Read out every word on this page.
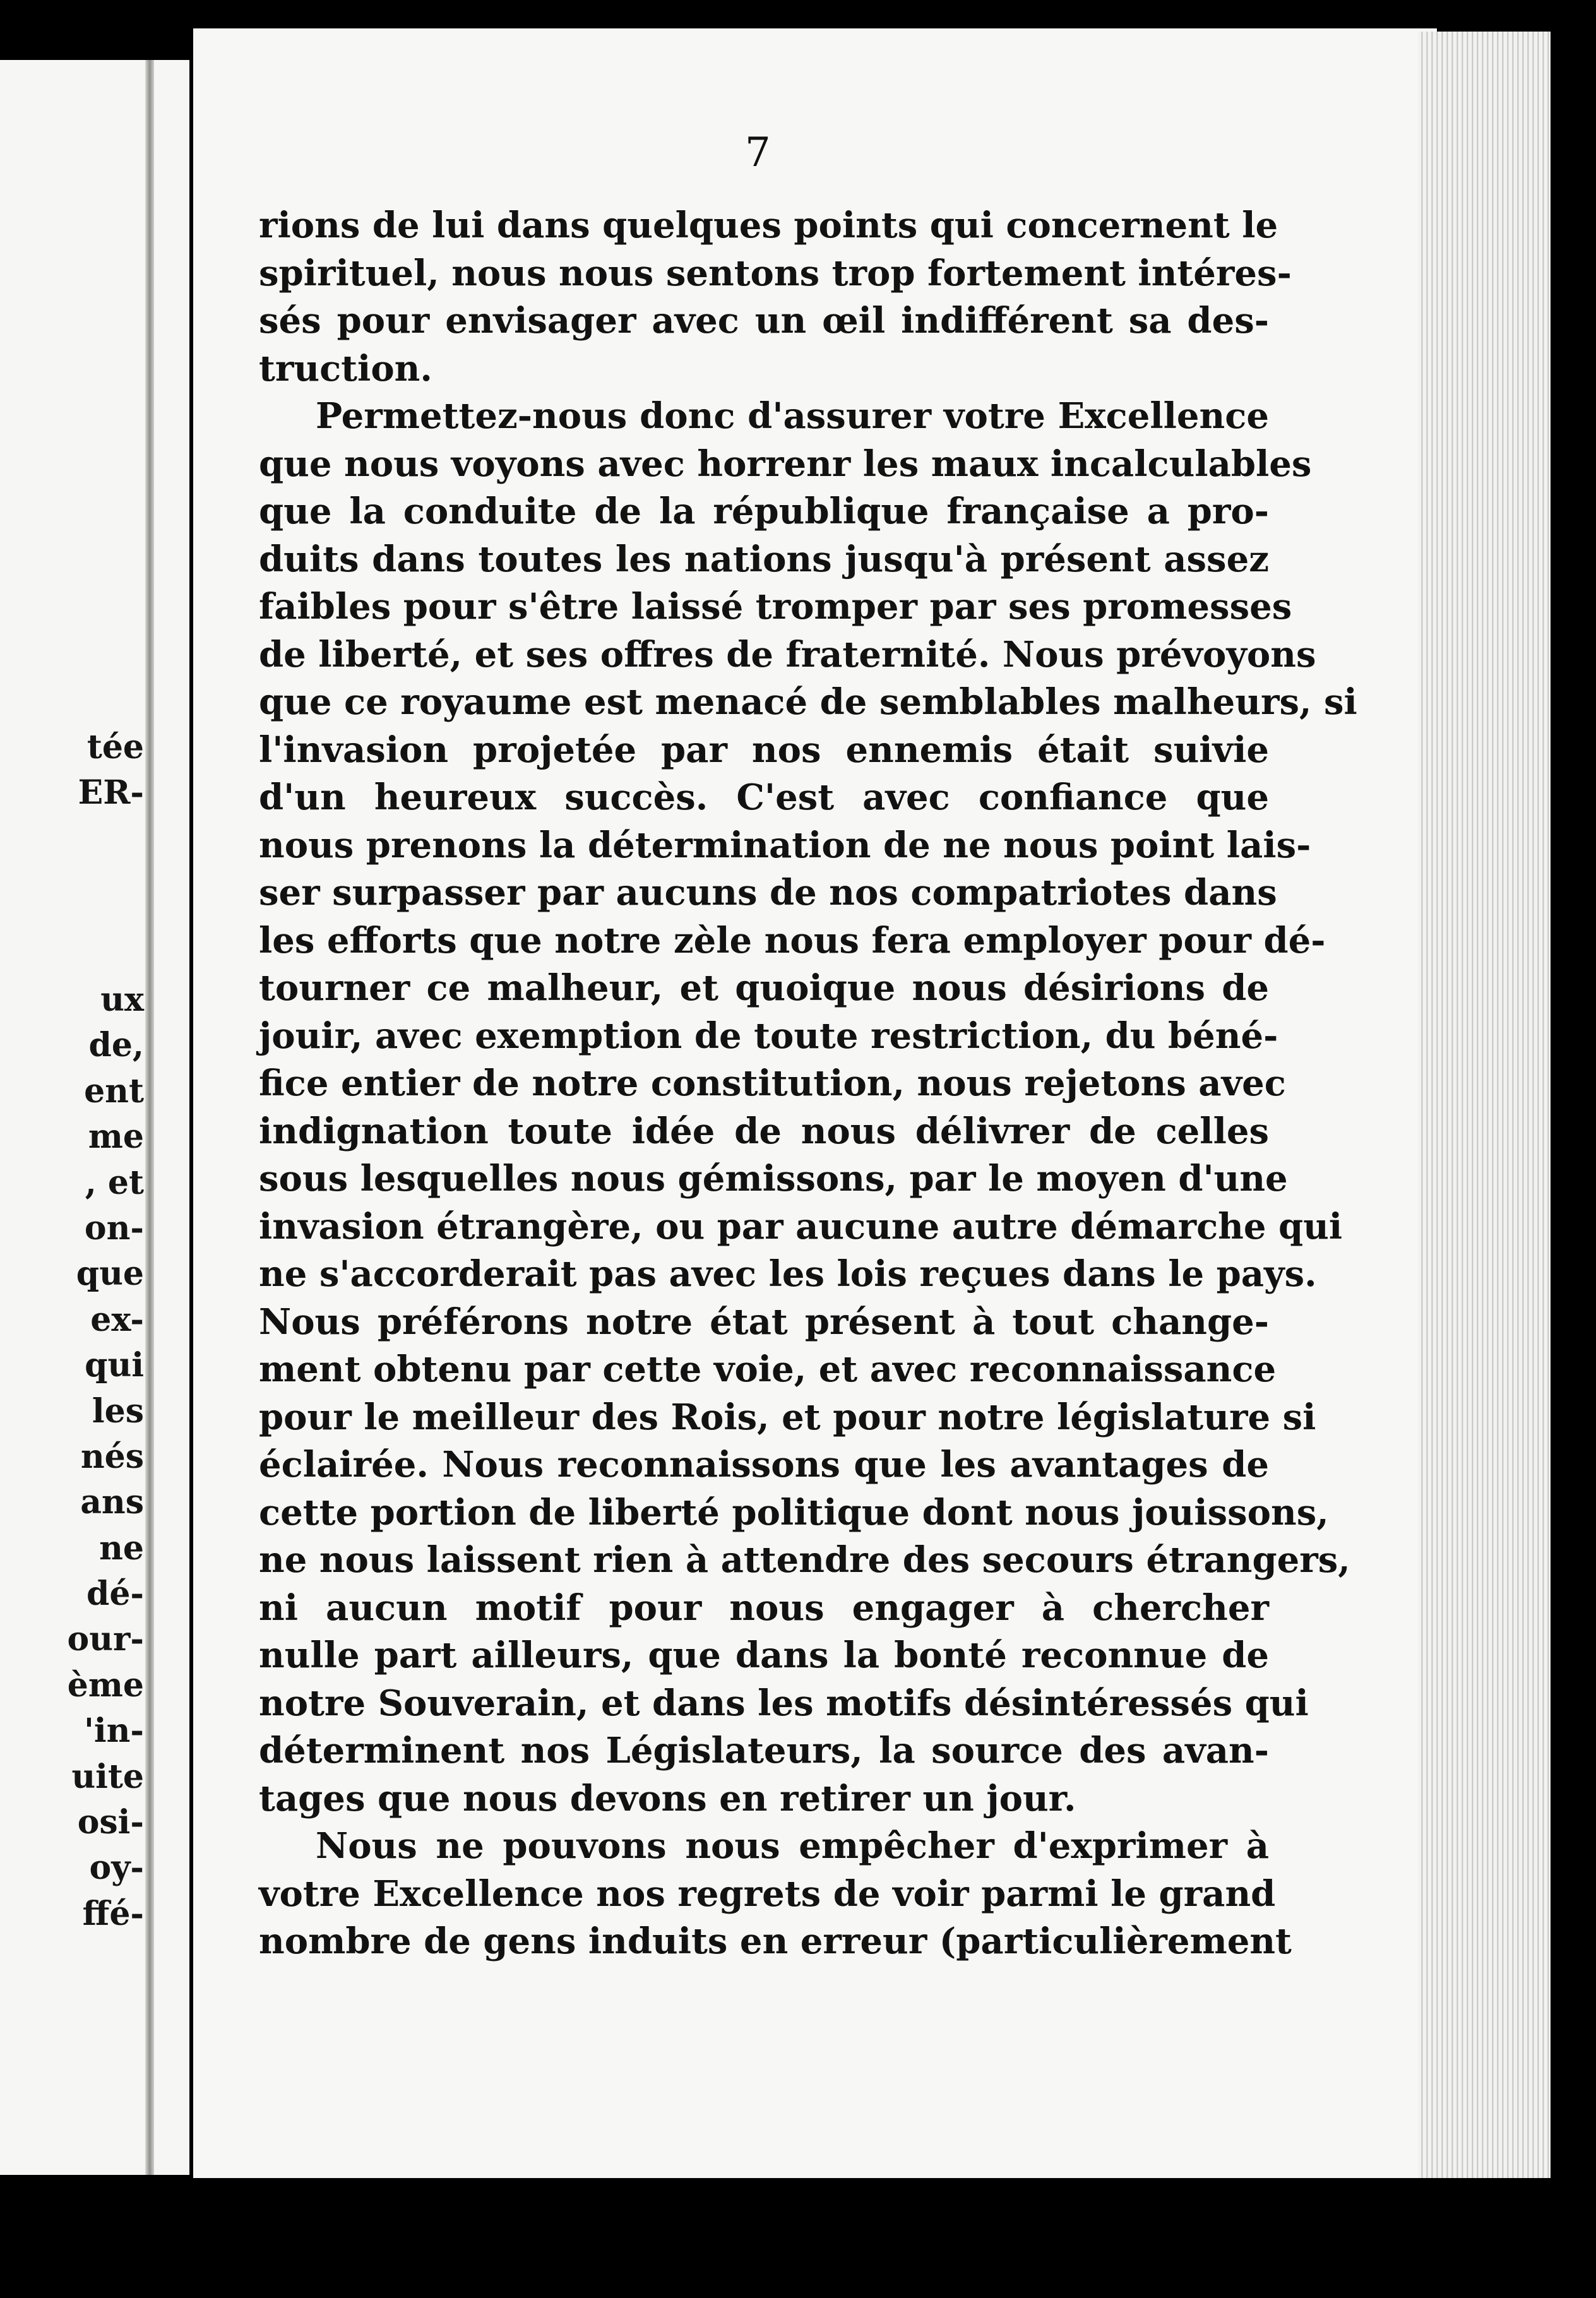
tée
ER-
ux
de,
ent
me
, et
on-
que
ex-
qui
les
nés
ans
ne
dé-
our-
ème
'in-
uite
osi-
oy-
ffé-
7
rions de lui dans quelques points qui concernent le
spirituel, nous nous sentons trop fortement intéres-
sés pour envisager avec un œil indifférent sa des-
truction.
Permettez-nous donc d'assurer votre Excellence
que nous voyons avec horrenr les maux incalculables
que la conduite de la république française a pro-
duits dans toutes les nations jusqu'à présent assez
faibles pour s'être laissé tromper par ses promesses
de liberté, et ses offres de fraternité. Nous prévoyons
que ce royaume est menacé de semblables malheurs, si
l'invasion projetée par nos ennemis était suivie
d'un heureux succès. C'est avec confiance que
nous prenons la détermination de ne nous point lais-
ser surpasser par aucuns de nos compatriotes dans
les efforts que notre zèle nous fera employer pour dé-
tourner ce malheur, et quoique nous désirions de
jouir, avec exemption de toute restriction, du béné-
fice entier de notre constitution, nous rejetons avec
indignation toute idée de nous délivrer de celles
sous lesquelles nous gémissons, par le moyen d'une
invasion étrangère, ou par aucune autre démarche qui
ne s'accorderait pas avec les lois reçues dans le pays.
Nous préférons notre état présent à tout change-
ment obtenu par cette voie, et avec reconnaissance
pour le meilleur des Rois, et pour notre législature si
éclairée. Nous reconnaissons que les avantages de
cette portion de liberté politique dont nous jouissons,
ne nous laissent rien à attendre des secours étrangers,
ni aucun motif pour nous engager à chercher
nulle part ailleurs, que dans la bonté reconnue de
notre Souverain, et dans les motifs désintéressés qui
déterminent nos Législateurs, la source des avan-
tages que nous devons en retirer un jour.
Nous ne pouvons nous empêcher d'exprimer à
votre Excellence nos regrets de voir parmi le grand
nombre de gens induits en erreur (particulièrement
